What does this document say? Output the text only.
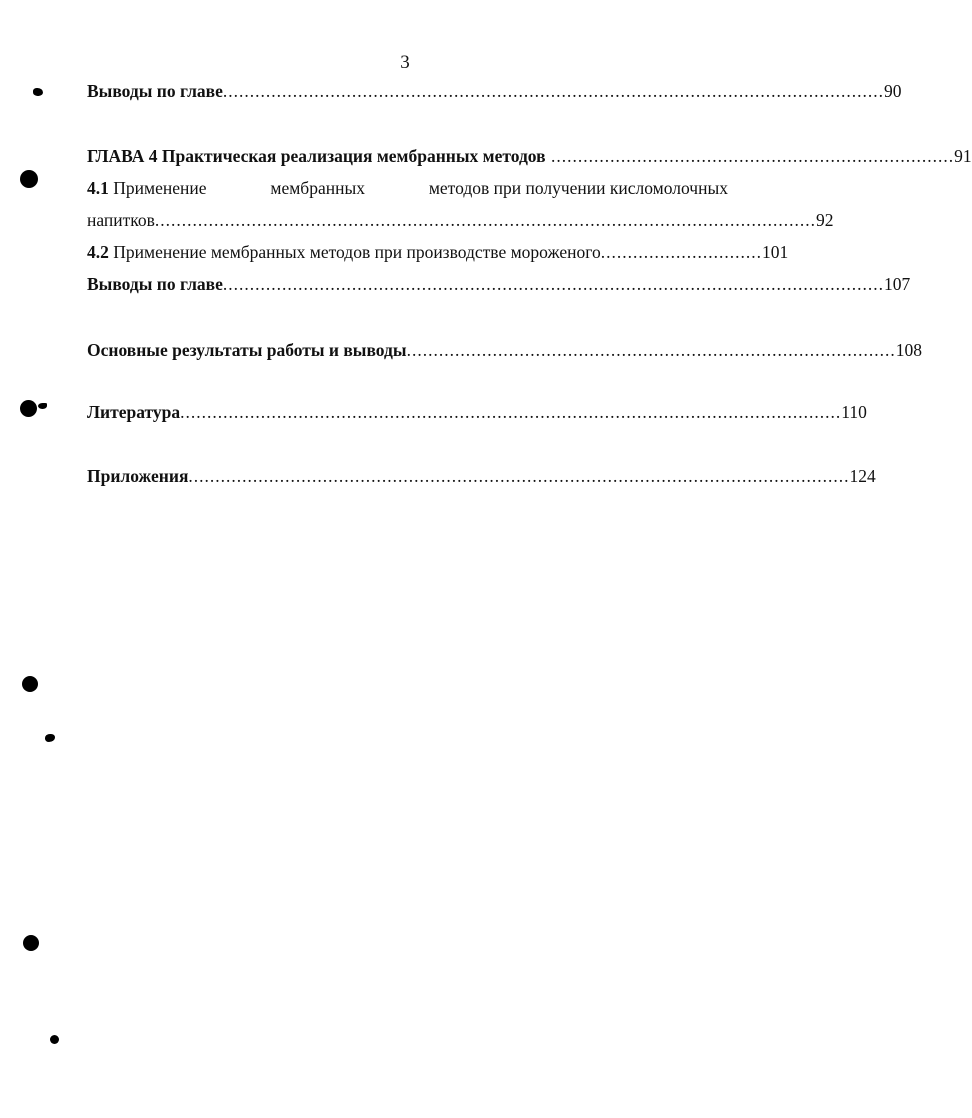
3
Выводы по главе ........................................................................................................................... 90
ГЛАВА 4 Практическая реализация мембранных методов ........................................................................... 91
4.1 Применение	мембранных	методов при получении кисломолочных
напитков ........................................................................................................................... 92
4.2 Применение мембранных методов при производстве мороженого .............................. 101
Выводы по главе ........................................................................................................................... 107
Основные результаты работы и выводы ........................................................................................... 108
Литература ........................................................................................................................... 110
Приложения ........................................................................................................................... 124
